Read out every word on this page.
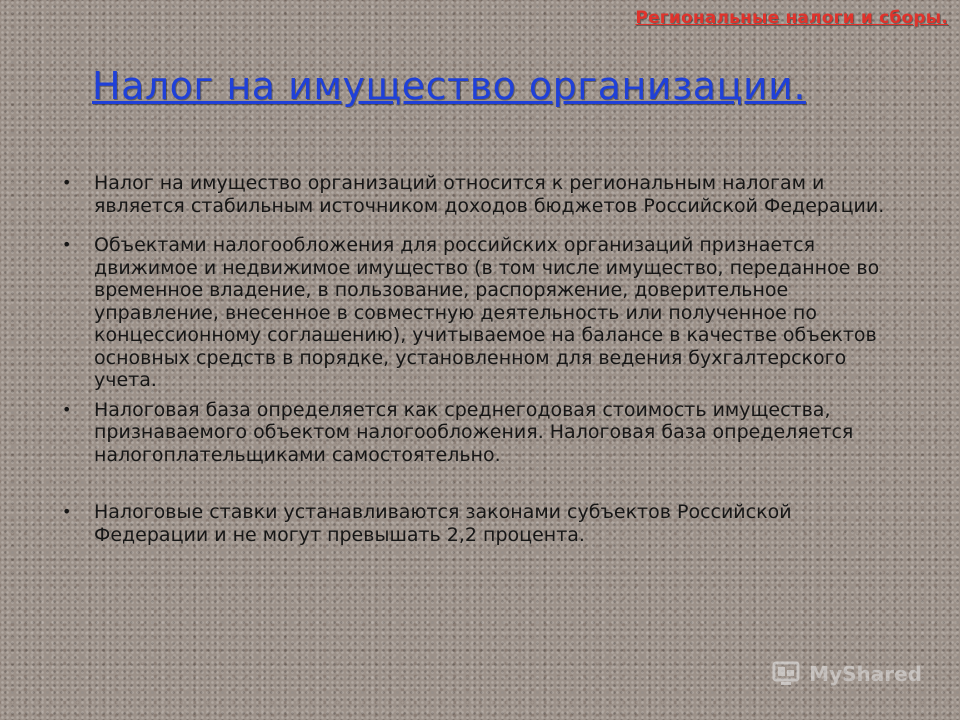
Региональные налоги и сборы.
Налог на имущество организации.
• Налог на имущество организаций относится к региональным налогам и является стабильным источником доходов бюджетов Российской Федерации.
• Объектами налогообложения для российских организаций признается движимое и недвижимое имущество (в том числе имущество, переданное во временное владение, в пользование, распоряжение, доверительное управление, внесенное в совместную деятельность или полученное по концессионному соглашению), учитываемое на балансе в качестве объектов основных средств в порядке, установленном для ведения бухгалтерского учета.
• Налоговая база определяется как среднегодовая стоимость имущества, признаваемого объектом налогообложения. Налоговая база определяется налогоплательщиками самостоятельно.
• Налоговые ставки устанавливаются законами субъектов Российской Федерации и не могут превышать 2,2 процента.
MyShared
